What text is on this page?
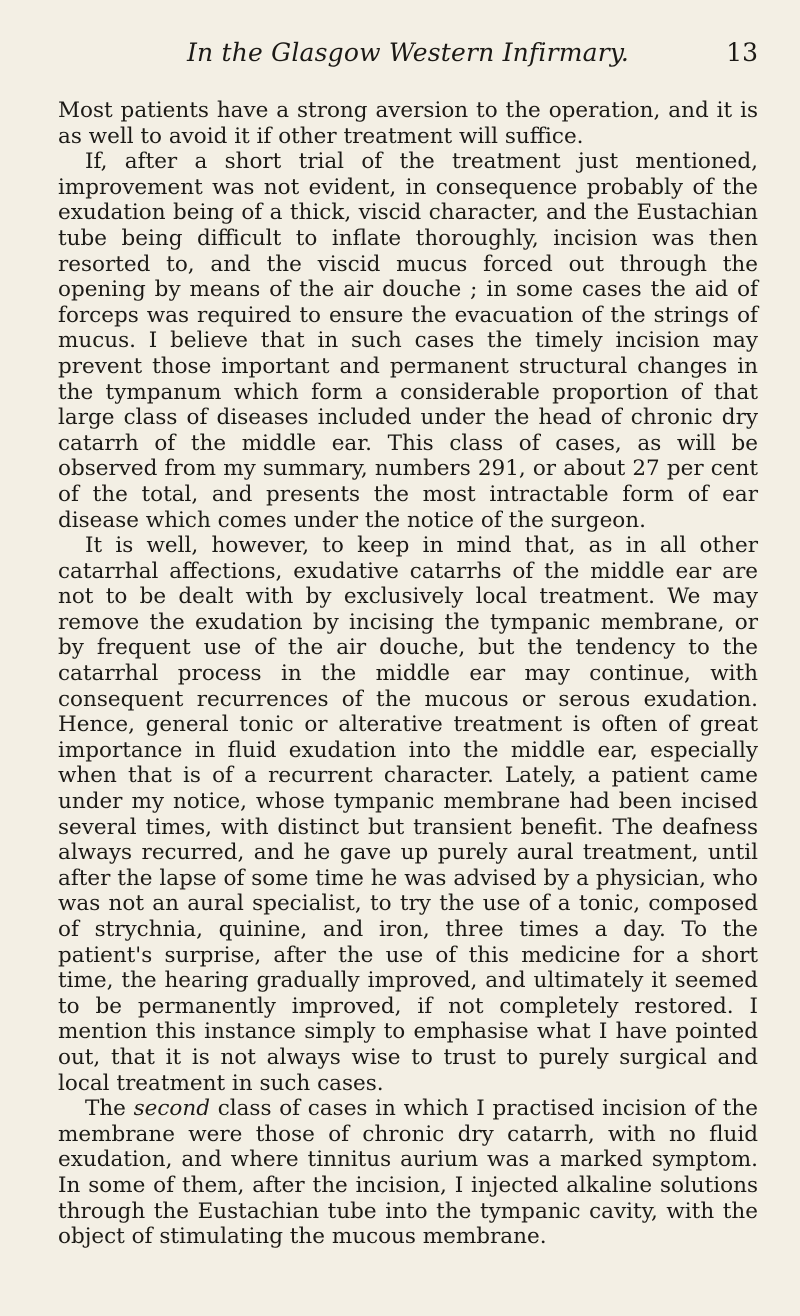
In the Glasgow Western Infirmary.	13

Most patients have a strong aversion to the operation, and it is as well to avoid it if other treatment will suffice.

If, after a short trial of the treatment just mentioned, improvement was not evident, in consequence probably of the exudation being of a thick, viscid character, and the Eustachian tube being difficult to inflate thoroughly, incision was then resorted to, and the viscid mucus forced out through the opening by means of the air douche ; in some cases the aid of forceps was required to ensure the evacuation of the strings of mucus. I believe that in such cases the timely incision may prevent those important and permanent structural changes in the tympanum which form a considerable proportion of that large class of diseases included under the head of chronic dry catarrh of the middle ear. This class of cases, as will be observed from my summary, numbers 291, or about 27 per cent of the total, and presents the most intractable form of ear disease which comes under the notice of the surgeon.

It is well, however, to keep in mind that, as in all other catarrhal affections, exudative catarrhs of the middle ear are not to be dealt with by exclusively local treatment. We may remove the exudation by incising the tympanic membrane, or by frequent use of the air douche, but the tendency to the catarrhal process in the middle ear may continue, with consequent recurrences of the mucous or serous exudation. Hence, general tonic or alterative treatment is often of great importance in fluid exudation into the middle ear, especially when that is of a recurrent character. Lately, a patient came under my notice, whose tympanic membrane had been incised several times, with distinct but transient benefit. The deafness always recurred, and he gave up purely aural treatment, until after the lapse of some time he was advised by a physician, who was not an aural specialist, to try the use of a tonic, composed of strychnia, quinine, and iron, three times a day. To the patient's surprise, after the use of this medicine for a short time, the hearing gradually improved, and ultimately it seemed to be permanently improved, if not completely restored. I mention this instance simply to emphasise what I have pointed out, that it is not always wise to trust to purely surgical and local treatment in such cases.

The second class of cases in which I practised incision of the membrane were those of chronic dry catarrh, with no fluid exudation, and where tinnitus aurium was a marked symptom. In some of them, after the incision, I injected alkaline solutions through the Eustachian tube into the tympanic cavity, with the object of stimulating the mucous membrane.
